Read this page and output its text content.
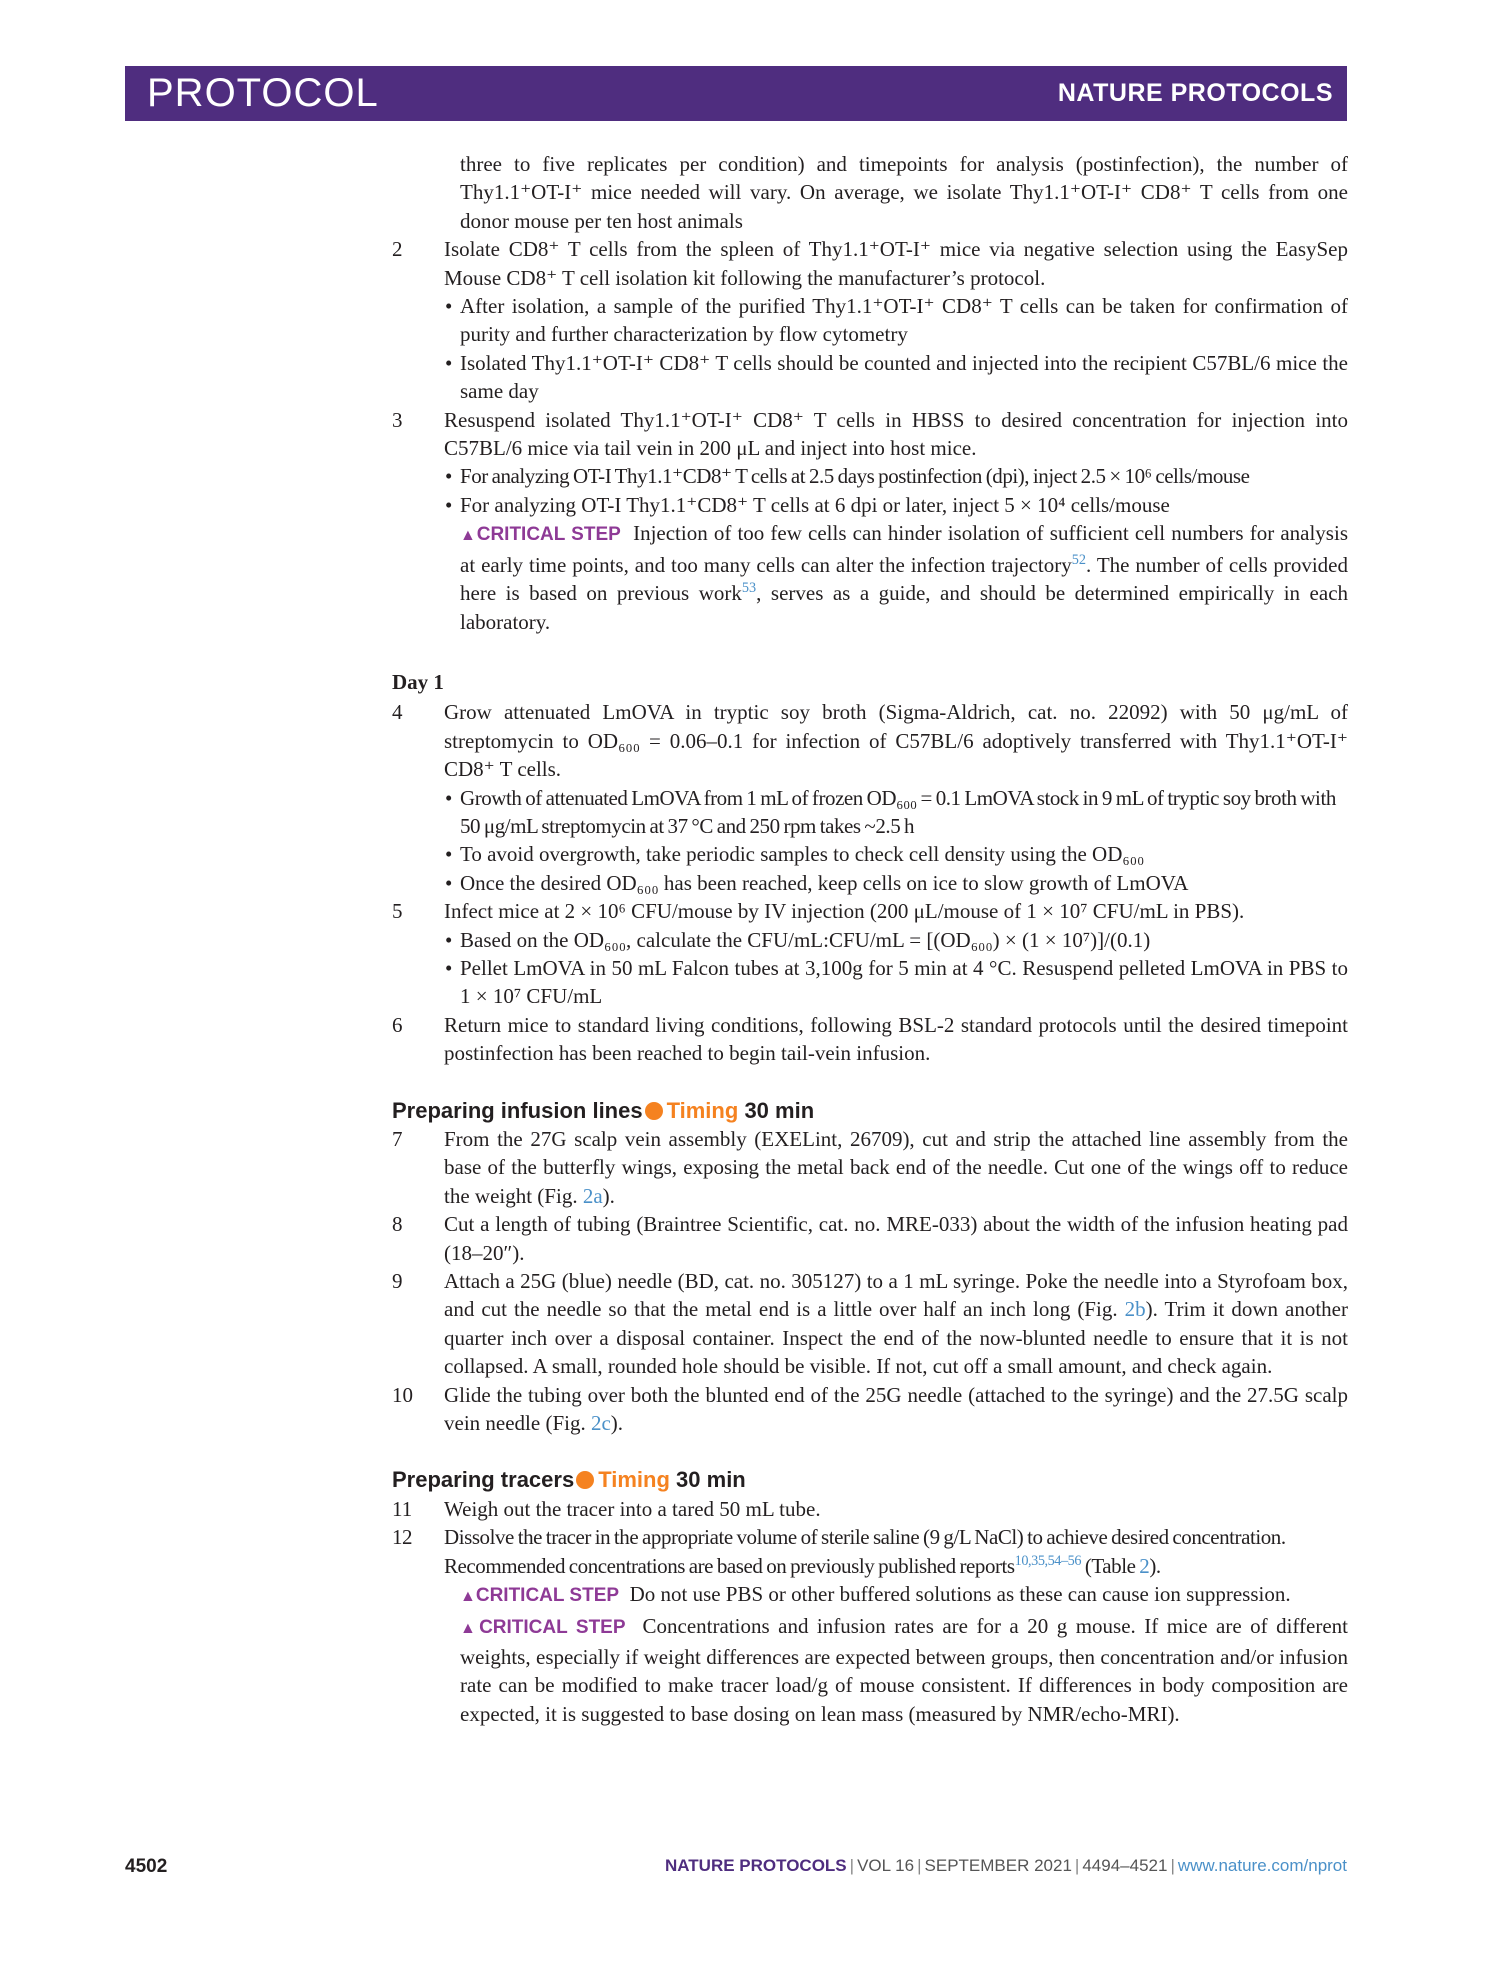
PROTOCOL	NATURE PROTOCOLS

three to five replicates per condition) and timepoints for analysis (postinfection), the number of Thy1.1⁺OT-I⁺ mice needed will vary. On average, we isolate Thy1.1⁺OT-I⁺ CD8⁺ T cells from one donor mouse per ten host animals

2 Isolate CD8⁺ T cells from the spleen of Thy1.1⁺OT-I⁺ mice via negative selection using the EasySep Mouse CD8⁺ T cell isolation kit following the manufacturer’s protocol.
• After isolation, a sample of the purified Thy1.1⁺OT-I⁺ CD8⁺ T cells can be taken for confirmation of purity and further characterization by flow cytometry
• Isolated Thy1.1⁺OT-I⁺ CD8⁺ T cells should be counted and injected into the recipient C57BL/6 mice the same day
3 Resuspend isolated Thy1.1⁺OT-I⁺ CD8⁺ T cells in HBSS to desired concentration for injection into C57BL/6 mice via tail vein in 200 μL and inject into host mice.
• For analyzing OT-I Thy1.1⁺CD8⁺ T cells at 2.5 days postinfection (dpi), inject 2.5 × 10⁶ cells/mouse
• For analyzing OT-I Thy1.1⁺CD8⁺ T cells at 6 dpi or later, inject 5 × 10⁴ cells/mouse

▲CRITICAL STEP Injection of too few cells can hinder isolation of sufficient cell numbers for analysis at early time points, and too many cells can alter the infection trajectory$^{52}$. The number of cells provided here is based on previous work$^{53}$, serves as a guide, and should be determined empirically in each laboratory.

Day 1

4 Grow attenuated LmOVA in tryptic soy broth (Sigma-Aldrich, cat. no. 22092) with 50 μg/mL of streptomycin to OD₆₀₀ = 0.06–0.1 for infection of C57BL/6 adoptively transferred with Thy1.1⁺OT-I⁺ CD8⁺ T cells.
• Growth of attenuated LmOVA from 1 mL of frozen OD₆₀₀ = 0.1 LmOVA stock in 9 mL of tryptic soy broth with 50 μg/mL streptomycin at 37 °C and 250 rpm takes ~2.5 h
• To avoid overgrowth, take periodic samples to check cell density using the OD₆₀₀
• Once the desired OD₆₀₀ has been reached, keep cells on ice to slow growth of LmOVA
5 Infect mice at 2 × 10⁶ CFU/mouse by IV injection (200 μL/mouse of 1 × 10⁷ CFU/mL in PBS).
• Based on the OD₆₀₀, calculate the CFU/mL:CFU/mL = [(OD₆₀₀) × (1 × 10⁷)]/(0.1)
• Pellet LmOVA in 50 mL Falcon tubes at 3,100g for 5 min at 4 °C. Resuspend pelleted LmOVA in PBS to 1 × 10⁷ CFU/mL
6 Return mice to standard living conditions, following BSL-2 standard protocols until the desired timepoint postinfection has been reached to begin tail-vein infusion.

Preparing infusion lines Timing 30 min

7 From the 27G scalp vein assembly (EXELint, 26709), cut and strip the attached line assembly from the base of the butterfly wings, exposing the metal back end of the needle. Cut one of the wings off to reduce the weight (Fig. 2a).
8 Cut a length of tubing (Braintree Scientific, cat. no. MRE-033) about the width of the infusion heating pad (18–20″).
9 Attach a 25G (blue) needle (BD, cat. no. 305127) to a 1 mL syringe. Poke the needle into a Styrofoam box, and cut the needle so that the metal end is a little over half an inch long (Fig. 2b). Trim it down another quarter inch over a disposal container. Inspect the end of the now-blunted needle to ensure that it is not collapsed. A small, rounded hole should be visible. If not, cut off a small amount, and check again.
10 Glide the tubing over both the blunted end of the 25G needle (attached to the syringe) and the 27.5G scalp vein needle (Fig. 2c).

Preparing tracers Timing 30 min

11 Weigh out the tracer into a tared 50 mL tube.
12 Dissolve the tracer in the appropriate volume of sterile saline (9 g/L NaCl) to achieve desired concentration. Recommended concentrations are based on previously published reports$^{10,35,54-56}$ (Table 2).

▲CRITICAL STEP Do not use PBS or other buffered solutions as these can cause ion suppression.

▲CRITICAL STEP Concentrations and infusion rates are for a 20 g mouse. If mice are of different weights, especially if weight differences are expected between groups, then concentration and/or infusion rate can be modified to make tracer load/g of mouse consistent. If differences in body composition are expected, it is suggested to base dosing on lean mass (measured by NMR/echo-MRI).

4502	NATURE PROTOCOLS | VOL 16 | SEPTEMBER 2021 | 4494–4521 | www.nature.com/nprot
